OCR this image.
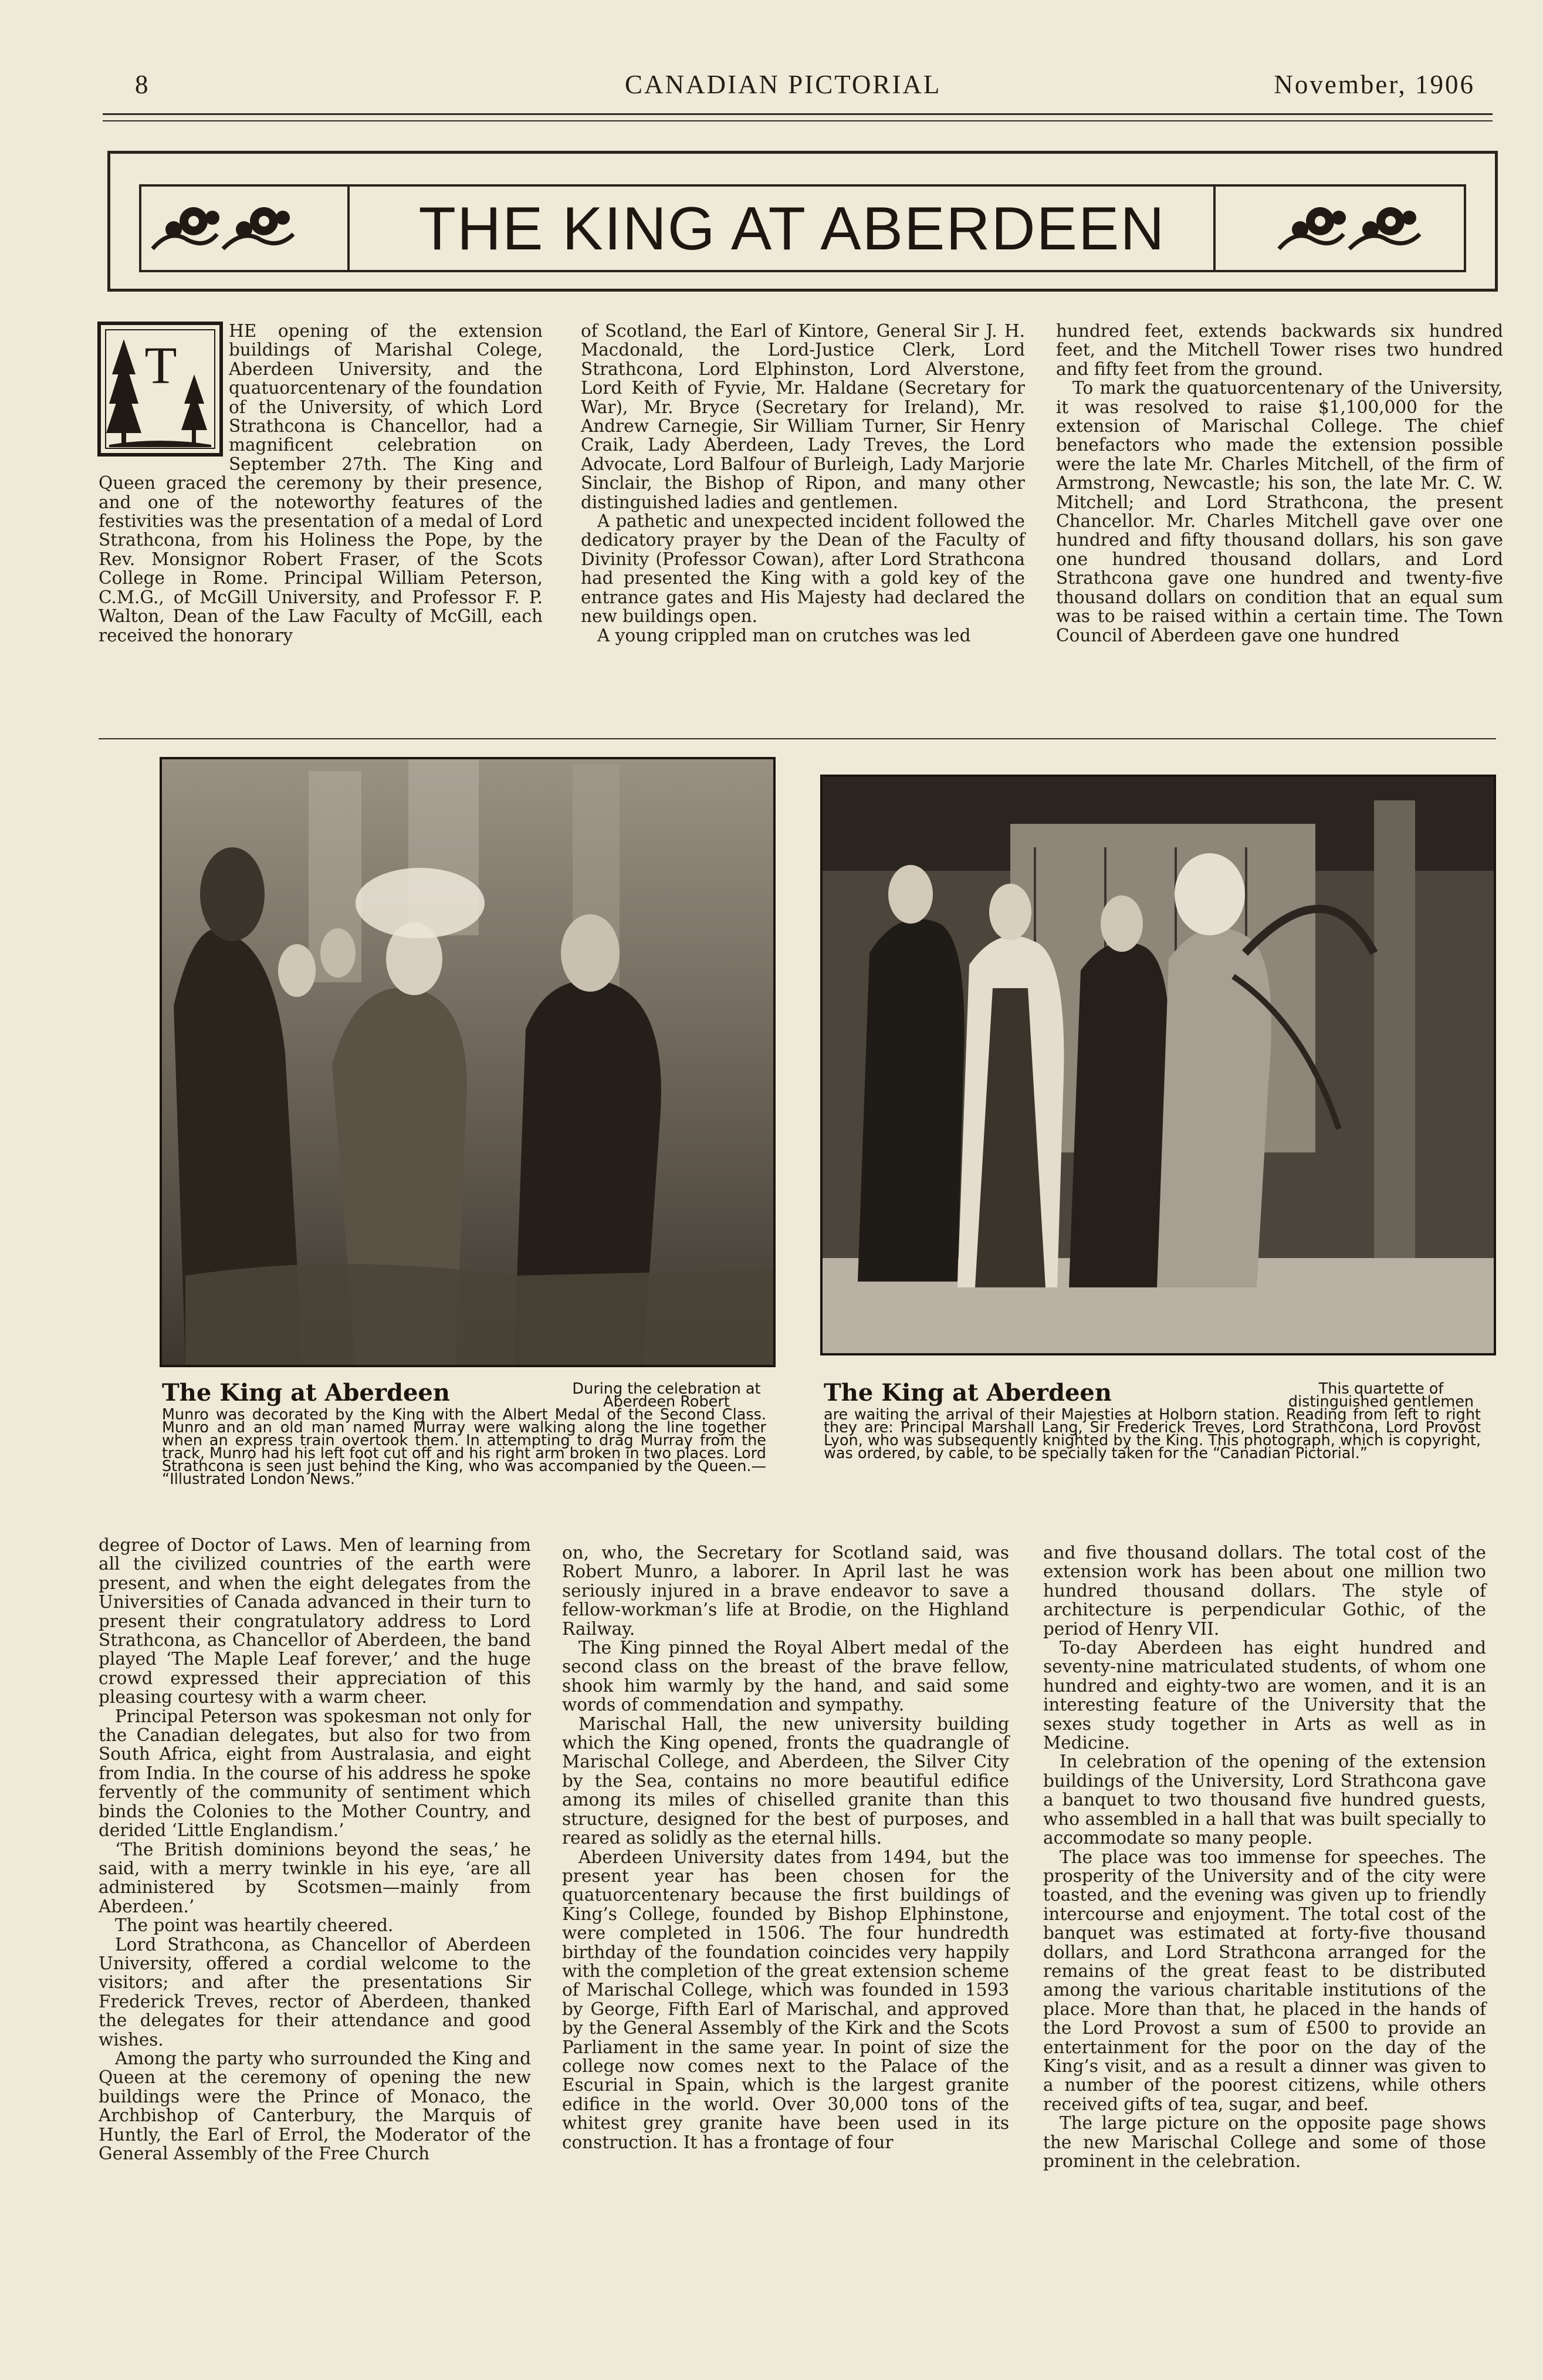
8	CANADIAN PICTORIAL	November, 1906
THE KING AT ABERDEEN
T

HE opening of the extension buildings of Marishal Colege, Aberdeen University, and the quatuorcentenary of the foundation of the University, of which Lord Strathcona is Chancellor, had a magnificent celebration on September 27th. The King and Queen graced the ceremony by their presence, and one of the noteworthy features of the festivities was the presentation of a medal of Lord Strathcona, from his Holiness the Pope, by the Rev. Monsignor Robert Fraser, of the Scots College in Rome. Principal William Peterson, C.M.G., of McGill University, and Professor F. P. Walton, Dean of the Law Faculty of McGill, each received the honorary

of Scotland, the Earl of Kintore, General Sir J. H. Macdonald, the Lord-Justice Clerk, Lord Strathcona, Lord Elphinston, Lord Alverstone, Lord Keith of Fyvie, Mr. Haldane (Secretary for War), Mr. Bryce (Secretary for Ireland), Mr. Andrew Carnegie, Sir William Turner, Sir Henry Craik, Lady Aberdeen, Lady Treves, the Lord Advocate, Lord Balfour of Burleigh, Lady Marjorie Sinclair, the Bishop of Ripon, and many other distinguished ladies and gentlemen.

A pathetic and unexpected incident followed the dedicatory prayer by the Dean of the Faculty of Divinity (Professor Cowan), after Lord Strathcona had presented the King with a gold key of the entrance gates and His Majesty had declared the new buildings open.

A young crippled man on crutches was led

hundred feet, extends backwards six hundred feet, and the Mitchell Tower rises two hundred and fifty feet from the ground.

To mark the quatuorcentenary of the University, it was resolved to raise $1,100,000 for the extension of Marischal College. The chief benefactors who made the extension possible were the late Mr. Charles Mitchell, of the firm of Armstrong, Newcastle; his son, the late Mr. C. W. Mitchell; and Lord Strathcona, the present Chancellor. Mr. Charles Mitchell gave over one hundred and fifty thousand dollars, his son gave one hundred thousand dollars, and Lord Strathcona gave one hundred and twenty-five thousand dollars on condition that an equal sum was to be raised within a certain time. The Town Council of Aberdeen gave one hundred

The King at Aberdeen	During the celebration at Aberdeen Robert
Munro was decorated by the King with the Albert Medal of the Second Class. Munro and an old man named Murray were walking along the line together when an express train overtook them. In attempting to drag Murray from the track, Munro had his left foot cut off and his right arm broken in two places. Lord Strathcona is seen just behind the King, who was accompanied by the Queen.— “Illustrated London News.”
The King at Aberdeen	This quartette of distinguished gentlemen
are waiting the arrival of their Majesties at Holborn station. Reading from left to right they are: Principal Marshall Lang, Sir Frederick Treves, Lord Strathcona, Lord Provost Lyon, who was subsequently knighted by the King. This photograph, which is copyright, was ordered, by cable, to be specially taken for the “Canadian Pictorial.”

degree of Doctor of Laws. Men of learning from all the civilized countries of the earth were present, and when the eight delegates from the Universities of Canada advanced in their turn to present their congratulatory address to Lord Strathcona, as Chancellor of Aberdeen, the band played ‘The Maple Leaf forever,’ and the huge crowd expressed their appreciation of this pleasing courtesy with a warm cheer.

Principal Peterson was spokesman not only for the Canadian delegates, but also for two from South Africa, eight from Australasia, and eight from India. In the course of his address he spoke fervently of the community of sentiment which binds the Colonies to the Mother Country, and derided ‘Little Englandism.’

‘The British dominions beyond the seas,’ he said, with a merry twinkle in his eye, ‘are all administered by Scotsmen—mainly from Aberdeen.’

The point was heartily cheered.

Lord Strathcona, as Chancellor of Aberdeen University, offered a cordial welcome to the visitors; and after the presentations Sir Frederick Treves, rector of Aberdeen, thanked the delegates for their attendance and good wishes.

Among the party who surrounded the King and Queen at the ceremony of opening the new buildings were the Prince of Monaco, the Archbishop of Canterbury, the Marquis of Huntly, the Earl of Errol, the Moderator of the General Assembly of the Free Church

on, who, the Secretary for Scotland said, was Robert Munro, a laborer. In April last he was seriously injured in a brave endeavor to save a fellow-workman’s life at Brodie, on the Highland Railway.

The King pinned the Royal Albert medal of the second class on the breast of the brave fellow, shook him warmly by the hand, and said some words of commendation and sympathy.

Marischal Hall, the new university building which the King opened, fronts the quadrangle of Marischal College, and Aberdeen, the Silver City by the Sea, contains no more beautiful edifice among its miles of chiselled granite than this structure, designed for the best of purposes, and reared as solidly as the eternal hills.

Aberdeen University dates from 1494, but the present year has been chosen for the quatuorcentenary because the first buildings of King’s College, founded by Bishop Elphinstone, were completed in 1506. The four hundredth birthday of the foundation coincides very happily with the completion of the great extension scheme of Marischal College, which was founded in 1593 by George, Fifth Earl of Marischal, and approved by the General Assembly of the Kirk and the Scots Parliament in the same year. In point of size the college now comes next to the Palace of the Escurial in Spain, which is the largest granite edifice in the world. Over 30,000 tons of the whitest grey granite have been used in its construction. It has a frontage of four

and five thousand dollars. The total cost of the extension work has been about one million two hundred thousand dollars. The style of architecture is perpendicular Gothic, of the period of Henry VII.

To-day Aberdeen has eight hundred and seventy-nine matriculated students, of whom one hundred and eighty-two are women, and it is an interesting feature of the University that the sexes study together in Arts as well as in Medicine.

In celebration of the opening of the extension buildings of the University, Lord Strathcona gave a banquet to two thousand five hundred guests, who assembled in a hall that was built specially to accommodate so many people.

The place was too immense for speeches. The prosperity of the University and of the city were toasted, and the evening was given up to friendly intercourse and enjoyment. The total cost of the banquet was estimated at forty-five thousand dollars, and Lord Strathcona arranged for the remains of the great feast to be distributed among the various charitable institutions of the place. More than that, he placed in the hands of the Lord Provost a sum of £500 to provide an entertainment for the poor on the day of the King’s visit, and as a result a dinner was given to a number of the poorest citizens, while others received gifts of tea, sugar, and beef.

The large picture on the opposite page shows the new Marischal College and some of those prominent in the celebration.
